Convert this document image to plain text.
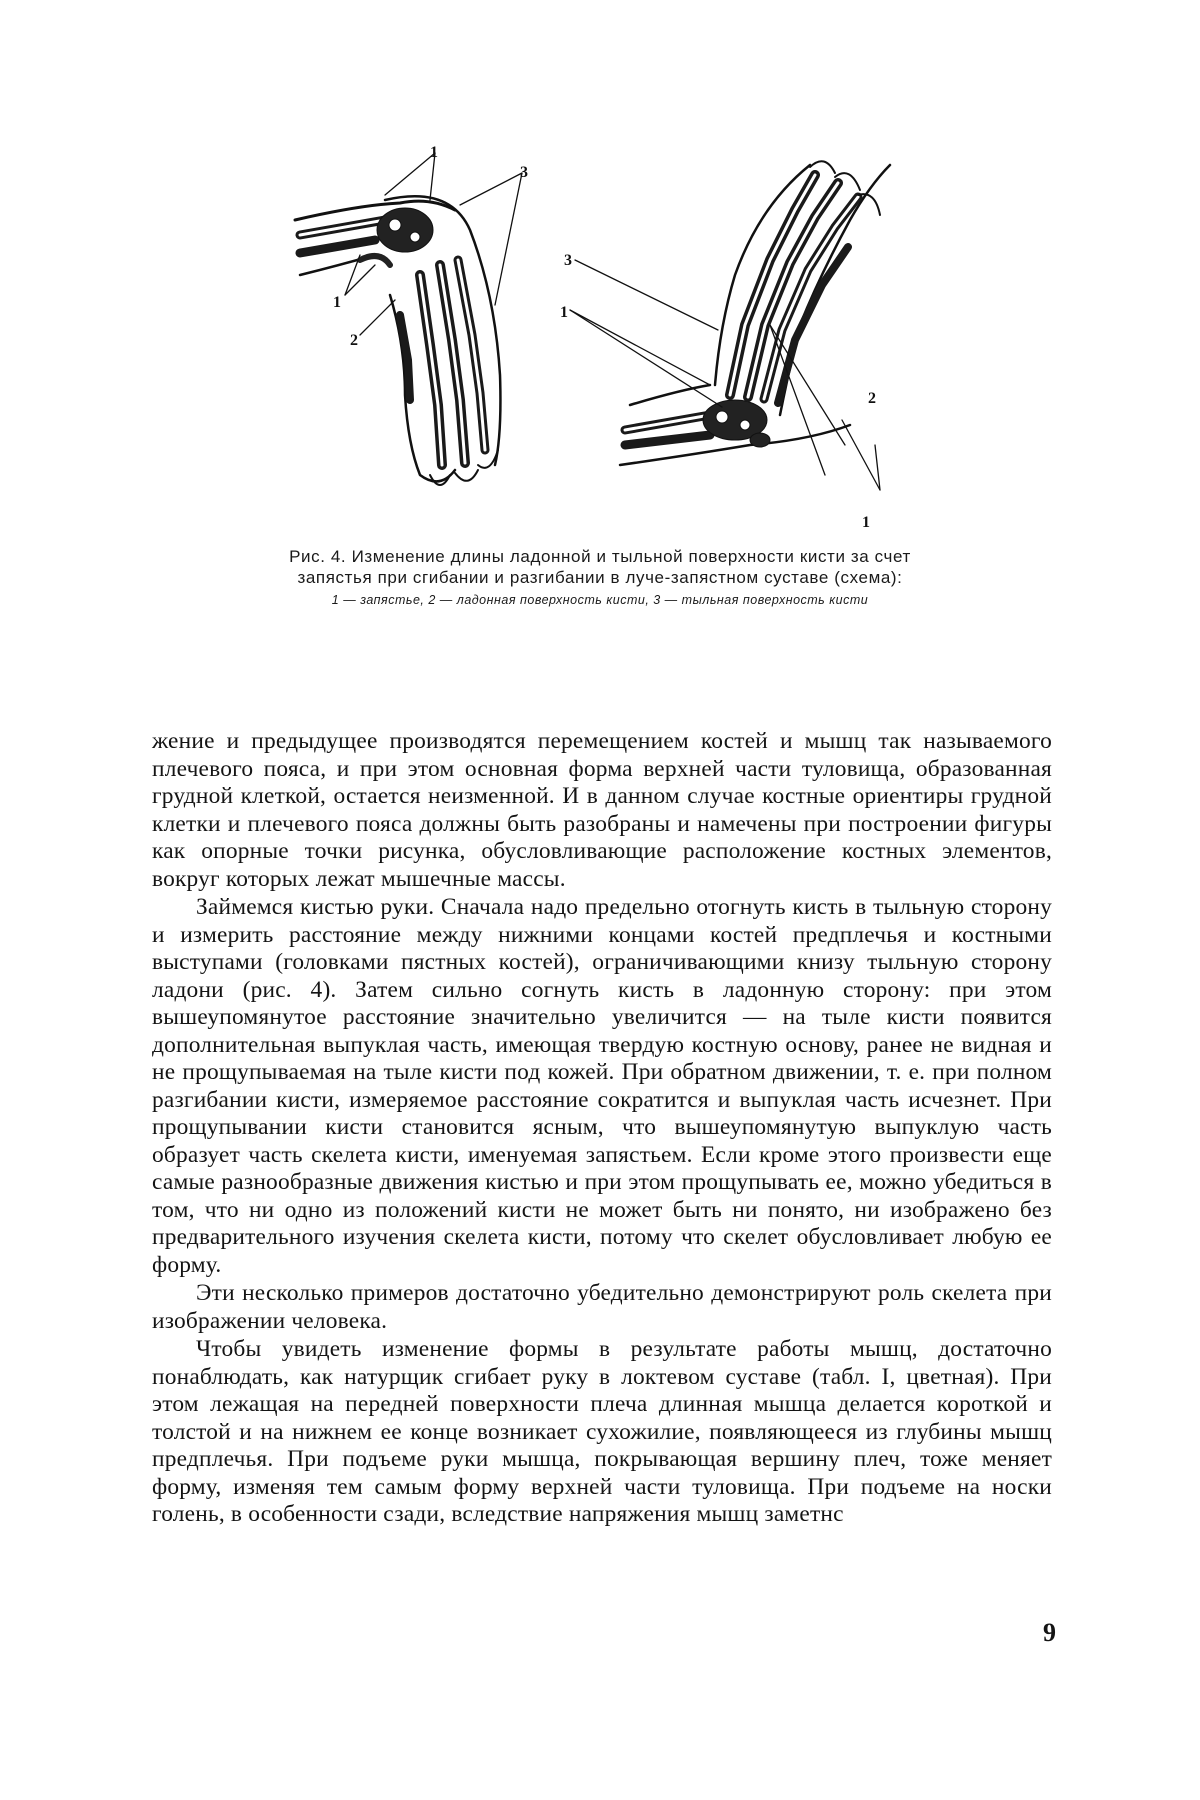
1
3
1
2
3
1
2
1

Рис. 4. Изменение длины ладонной и тыльной поверхности кисти за счет запястья при сгибании и разгибании в луче-запястном суставе (схема):

1 — запястье, 2 — ладонная поверхность кисти, 3 — тыльная поверхность кисти

жение и предыдущее производятся перемещением костей и мышц так называемого плечевого пояса, и при этом основная форма верхней части туловища, образованная грудной клеткой, остается неизменной. И в данном случае костные ориентиры грудной клетки и плечевого пояса должны быть разобраны и намечены при построении фигуры как опорные точки рисунка, обусловливающие расположение костных элементов, вокруг которых лежат мышечные массы.

Займемся кистью руки. Сначала надо предельно отогнуть кисть в тыльную сторону и измерить расстояние между нижними концами костей предплечья и костными выступами (головками пястных костей), ограничивающими книзу тыльную сторону ладони (рис. 4). Затем сильно согнуть кисть в ладонную сторону: при этом вышеупомянутое расстояние значительно увеличится — на тыле кисти появится дополнительная выпуклая часть, имеющая твердую костную основу, ранее не видная и не прощупываемая на тыле кисти под кожей. При обратном движении, т. е. при полном разгибании кисти, измеряемое расстояние сократится и выпуклая часть исчезнет. При прощупывании кисти становится ясным, что вышеупомянутую выпуклую часть образует часть скелета кисти, именуемая запястьем. Если кроме этого произвести еще самые разнообразные движения кистью и при этом прощупывать ее, можно убедиться в том, что ни одно из положений кисти не может быть ни понято, ни изображено без предварительного изучения скелета кисти, потому что скелет обусловливает любую ее форму.

Эти несколько примеров достаточно убедительно демонстрируют роль скелета при изображении человека.

Чтобы увидеть изменение формы в результате работы мышц, достаточно понаблюдать, как натурщик сгибает руку в локтевом суставе (табл. I, цветная). При этом лежащая на передней поверхности плеча длинная мышца делается короткой и толстой и на нижнем ее конце возникает сухожилие, появляющееся из глубины мышц предплечья. При подъеме руки мышца, покрывающая вершину плеч, тоже меняет форму, изменяя тем самым форму верхней части туловища. При подъеме на носки голень, в особенности сзади, вследствие напряжения мышц заметнс

9
